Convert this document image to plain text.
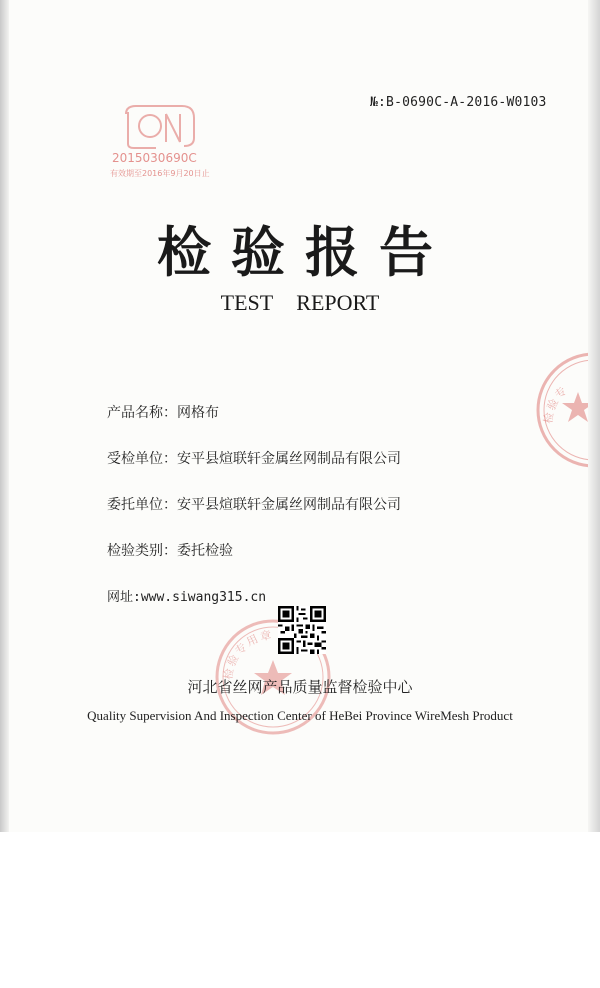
№:B-0690C-A-2016-W0103
2015030690C
有效期至2016年9月20日止
检验报告
TEST REPORT
产品名称：网格布
受检单位：安平县煊联轩金属丝网制品有限公司
委托单位：安平县煊联轩金属丝网制品有限公司
检验类别：委托检验
网址:www.siwang315.cn
检验专用章
检验专
河北省丝网产品质量监督检验中心
Quality Supervision And Inspection Center of HeBei Province WireMesh Product
